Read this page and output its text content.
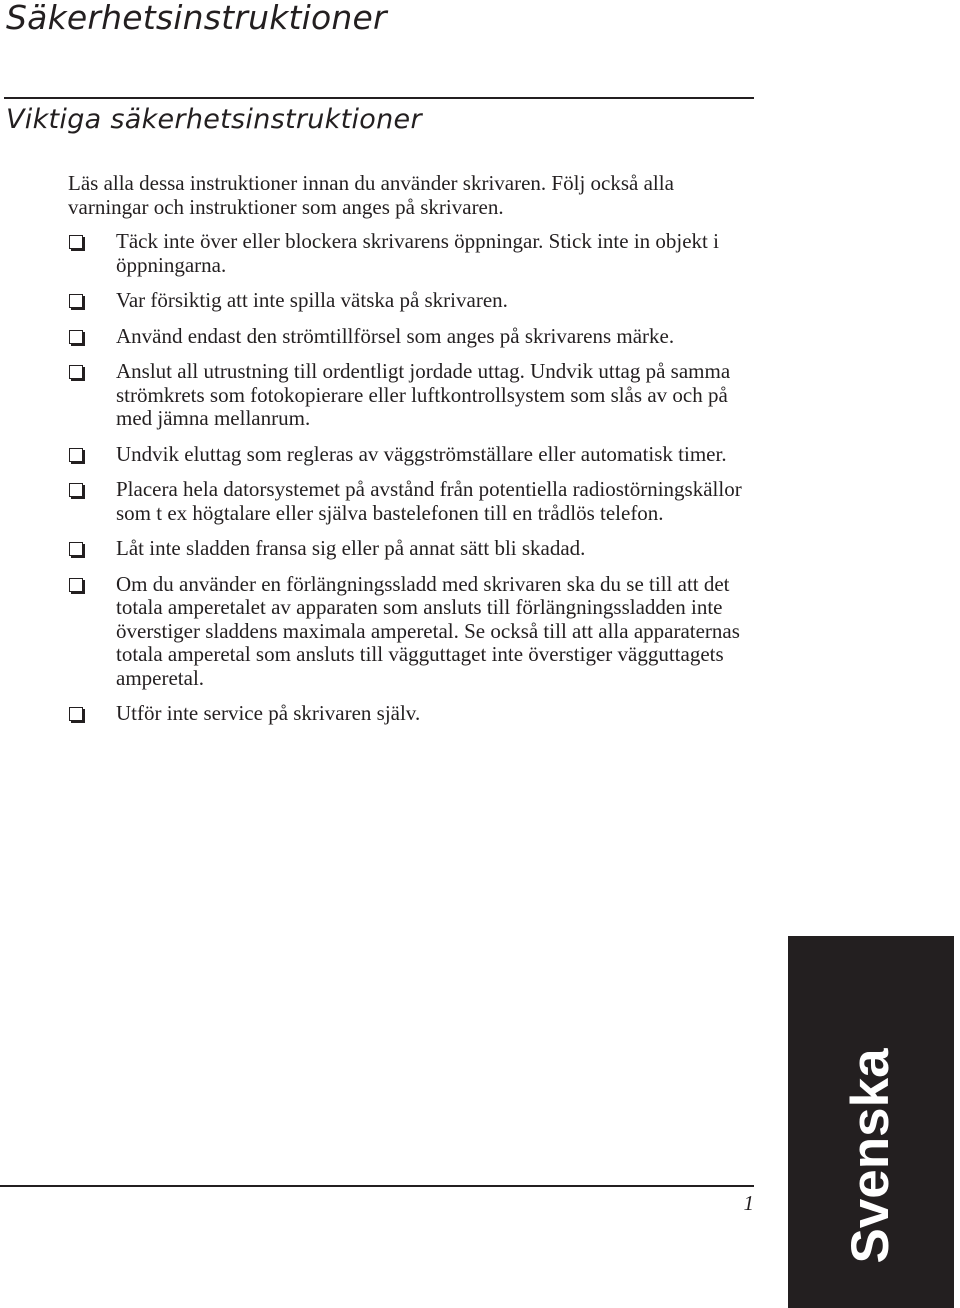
Säkerhetsinstruktioner
Viktiga säkerhetsinstruktioner

Läs alla dessa instruktioner innan du använder skrivaren. Följ också alla varningar och instruktioner som anges på skrivaren.

Täck inte över eller blockera skrivarens öppningar. Stick inte in objekt i öppningarna.
Var försiktig att inte spilla vätska på skrivaren.
Använd endast den strömtillförsel som anges på skrivarens märke.
Anslut all utrustning till ordentligt jordade uttag. Undvik uttag på samma strömkrets som fotokopierare eller luftkontrollsystem som slås av och på med jämna mellanrum.
Undvik eluttag som regleras av väggströmställare eller automatisk timer.
Placera hela datorsystemet på avstånd från potentiella radiostörningskällor som t ex högtalare eller själva bastelefonen till en trådlös telefon.
Låt inte sladden fransa sig eller på annat sätt bli skadad.
Om du använder en förlängningssladd med skrivaren ska du se till att det totala amperetalet av apparaten som ansluts till förlängningssladden inte överstiger sladdens maximala amperetal. Se också till att alla apparaternas totala amperetal som ansluts till vägguttaget inte överstiger vägguttagets amperetal.
Utför inte service på skrivaren själv.
1 Svenska
